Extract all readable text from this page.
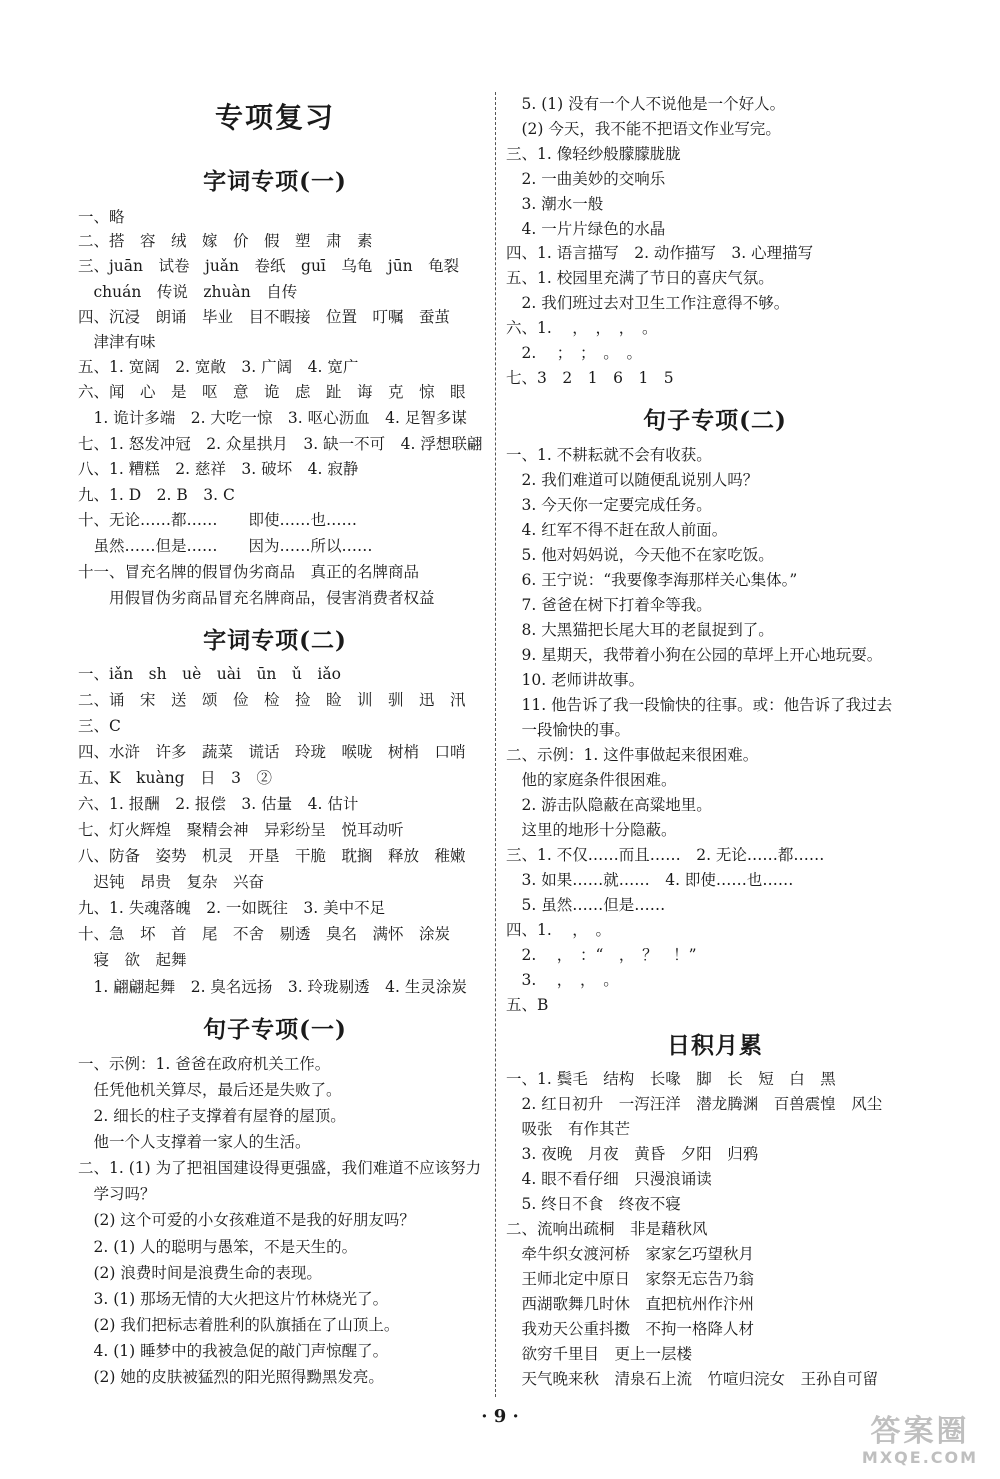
专项复习
字词专项(一)
一、略
二、搭　容　绒　嫁　价　假　塑　肃　素
三、juān　试卷　juǎn　卷纸　guī　乌龟　jūn　龟裂
　chuán　传说　zhuàn　自传
四、沉浸　朗诵　毕业　目不暇接　位置　叮嘱　蚕茧
　津津有味
五、1. 宽阔　2. 宽敞　3. 广阔　4. 宽广
六、闻　心　是　呕　意　诡　虑　趾　诲　克　惊　眼
　1. 诡计多端　2. 大吃一惊　3. 呕心沥血　4. 足智多谋
七、1. 怒发冲冠　2. 众星拱月　3. 缺一不可　4. 浮想联翩
八、1. 糟糕　2. 慈祥　3. 破坏　4. 寂静
九、1. D　2. B　3. C
十、无论……都……　　即使……也……
　虽然……但是……　　因为……所以……
十一、冒充名牌的假冒伪劣商品　真正的名牌商品
　　用假冒伪劣商品冒充名牌商品，侵害消费者权益
字词专项(二)
一、iǎn　sh　uè　uài　ūn　ǔ　iǎo
二、诵　宋　送　颂　俭　检　捡　睑　训　驯　迅　汛
三、C
四、水浒　许多　蔬菜　谎话　玲珑　喉咙　树梢　口哨
五、K　kuàng　日　3　②
六、1. 报酬　2. 报偿　3. 估量　4. 估计
七、灯火辉煌　聚精会神　异彩纷呈　悦耳动听
八、防备　姿势　机灵　开垦　干脆　耽搁　释放　稚嫩
　迟钝　昂贵　复杂　兴奋
九、1. 失魂落魄　2. 一如既往　3. 美中不足
十、急　坏　首　尾　不舍　剔透　臭名　满怀　涂炭
　寝　欲　起舞
　1. 翩翩起舞　2. 臭名远扬　3. 玲珑剔透　4. 生灵涂炭
句子专项(一)
一、示例：1. 爸爸在政府机关工作。
　任凭他机关算尽，最后还是失败了。
　2. 细长的柱子支撑着有屋脊的屋顶。
　他一个人支撑着一家人的生活。
二、1. (1) 为了把祖国建设得更强盛，我们难道不应该努力
　学习吗？
　(2) 这个可爱的小女孩难道不是我的好朋友吗？
　2. (1) 人的聪明与愚笨，不是天生的。
　(2) 浪费时间是浪费生命的表现。
　3. (1) 那场无情的大火把这片竹林烧光了。
　(2) 我们把标志着胜利的队旗插在了山顶上。
　4. (1) 睡梦中的我被急促的敲门声惊醒了。
　(2) 她的皮肤被猛烈的阳光照得黝黑发亮。
　5. (1) 没有一个人不说他是一个好人。
　(2) 今天，我不能不把语文作业写完。
三、1. 像轻纱般朦朦胧胧
　2. 一曲美妙的交响乐
　3. 潮水一般
　4. 一片片绿色的水晶
四、1. 语言描写　2. 动作描写　3. 心理描写
五、1. 校园里充满了节日的喜庆气氛。
　2. 我们班过去对卫生工作注意得不够。
六、1. 　，　，　，　。
　2. 　；　；　。　。
七、3　2　1　6　1　5
句子专项(二)
一、1. 不耕耘就不会有收获。
　2. 我们难道可以随便乱说别人吗？
　3. 今天你一定要完成任务。
　4. 红军不得不赶在敌人前面。
　5. 他对妈妈说，今天他不在家吃饭。
　6. 王宁说：“我要像李海那样关心集体。”
　7. 爸爸在树下打着伞等我。
　8. 大黑猫把长尾大耳的老鼠捉到了。
　9. 星期天，我带着小狗在公园的草坪上开心地玩耍。
　10. 老师讲故事。
　11. 他告诉了我一段愉快的往事。或：他告诉了我过去
　一段愉快的事。
二、示例：1. 这件事做起来很困难。
　他的家庭条件很困难。
　2. 游击队隐蔽在高粱地里。
　这里的地形十分隐蔽。
三、1. 不仅……而且……　2. 无论……都……
　3. 如果……就……　4. 即使……也……
　5. 虽然……但是……
四、1. 　，　。
　2. 　，　：“　，　？　！”
　3. 　，　，　。
五、B
日积月累
一、1. 鬓毛　结构　长喙　脚　长　短　白　黑
　2. 红日初升　一泻汪洋　潜龙腾渊　百兽震惶　风尘
　吸张　有作其芒
　3. 夜晚　月夜　黄昏　夕阳　归鸦
　4. 眼不看仔细　只漫浪诵读
　5. 终日不食　终夜不寝
二、流响出疏桐　非是藉秋风
　牵牛织女渡河桥　家家乞巧望秋月
　王师北定中原日　家祭无忘告乃翁
　西湖歌舞几时休　直把杭州作汴州
　我劝天公重抖擞　不拘一格降人材
　欲穷千里目　更上一层楼
　天气晚来秋　清泉石上流　竹喧归浣女　王孙自可留
· 9 ·	答案圈
MXQE.COM
